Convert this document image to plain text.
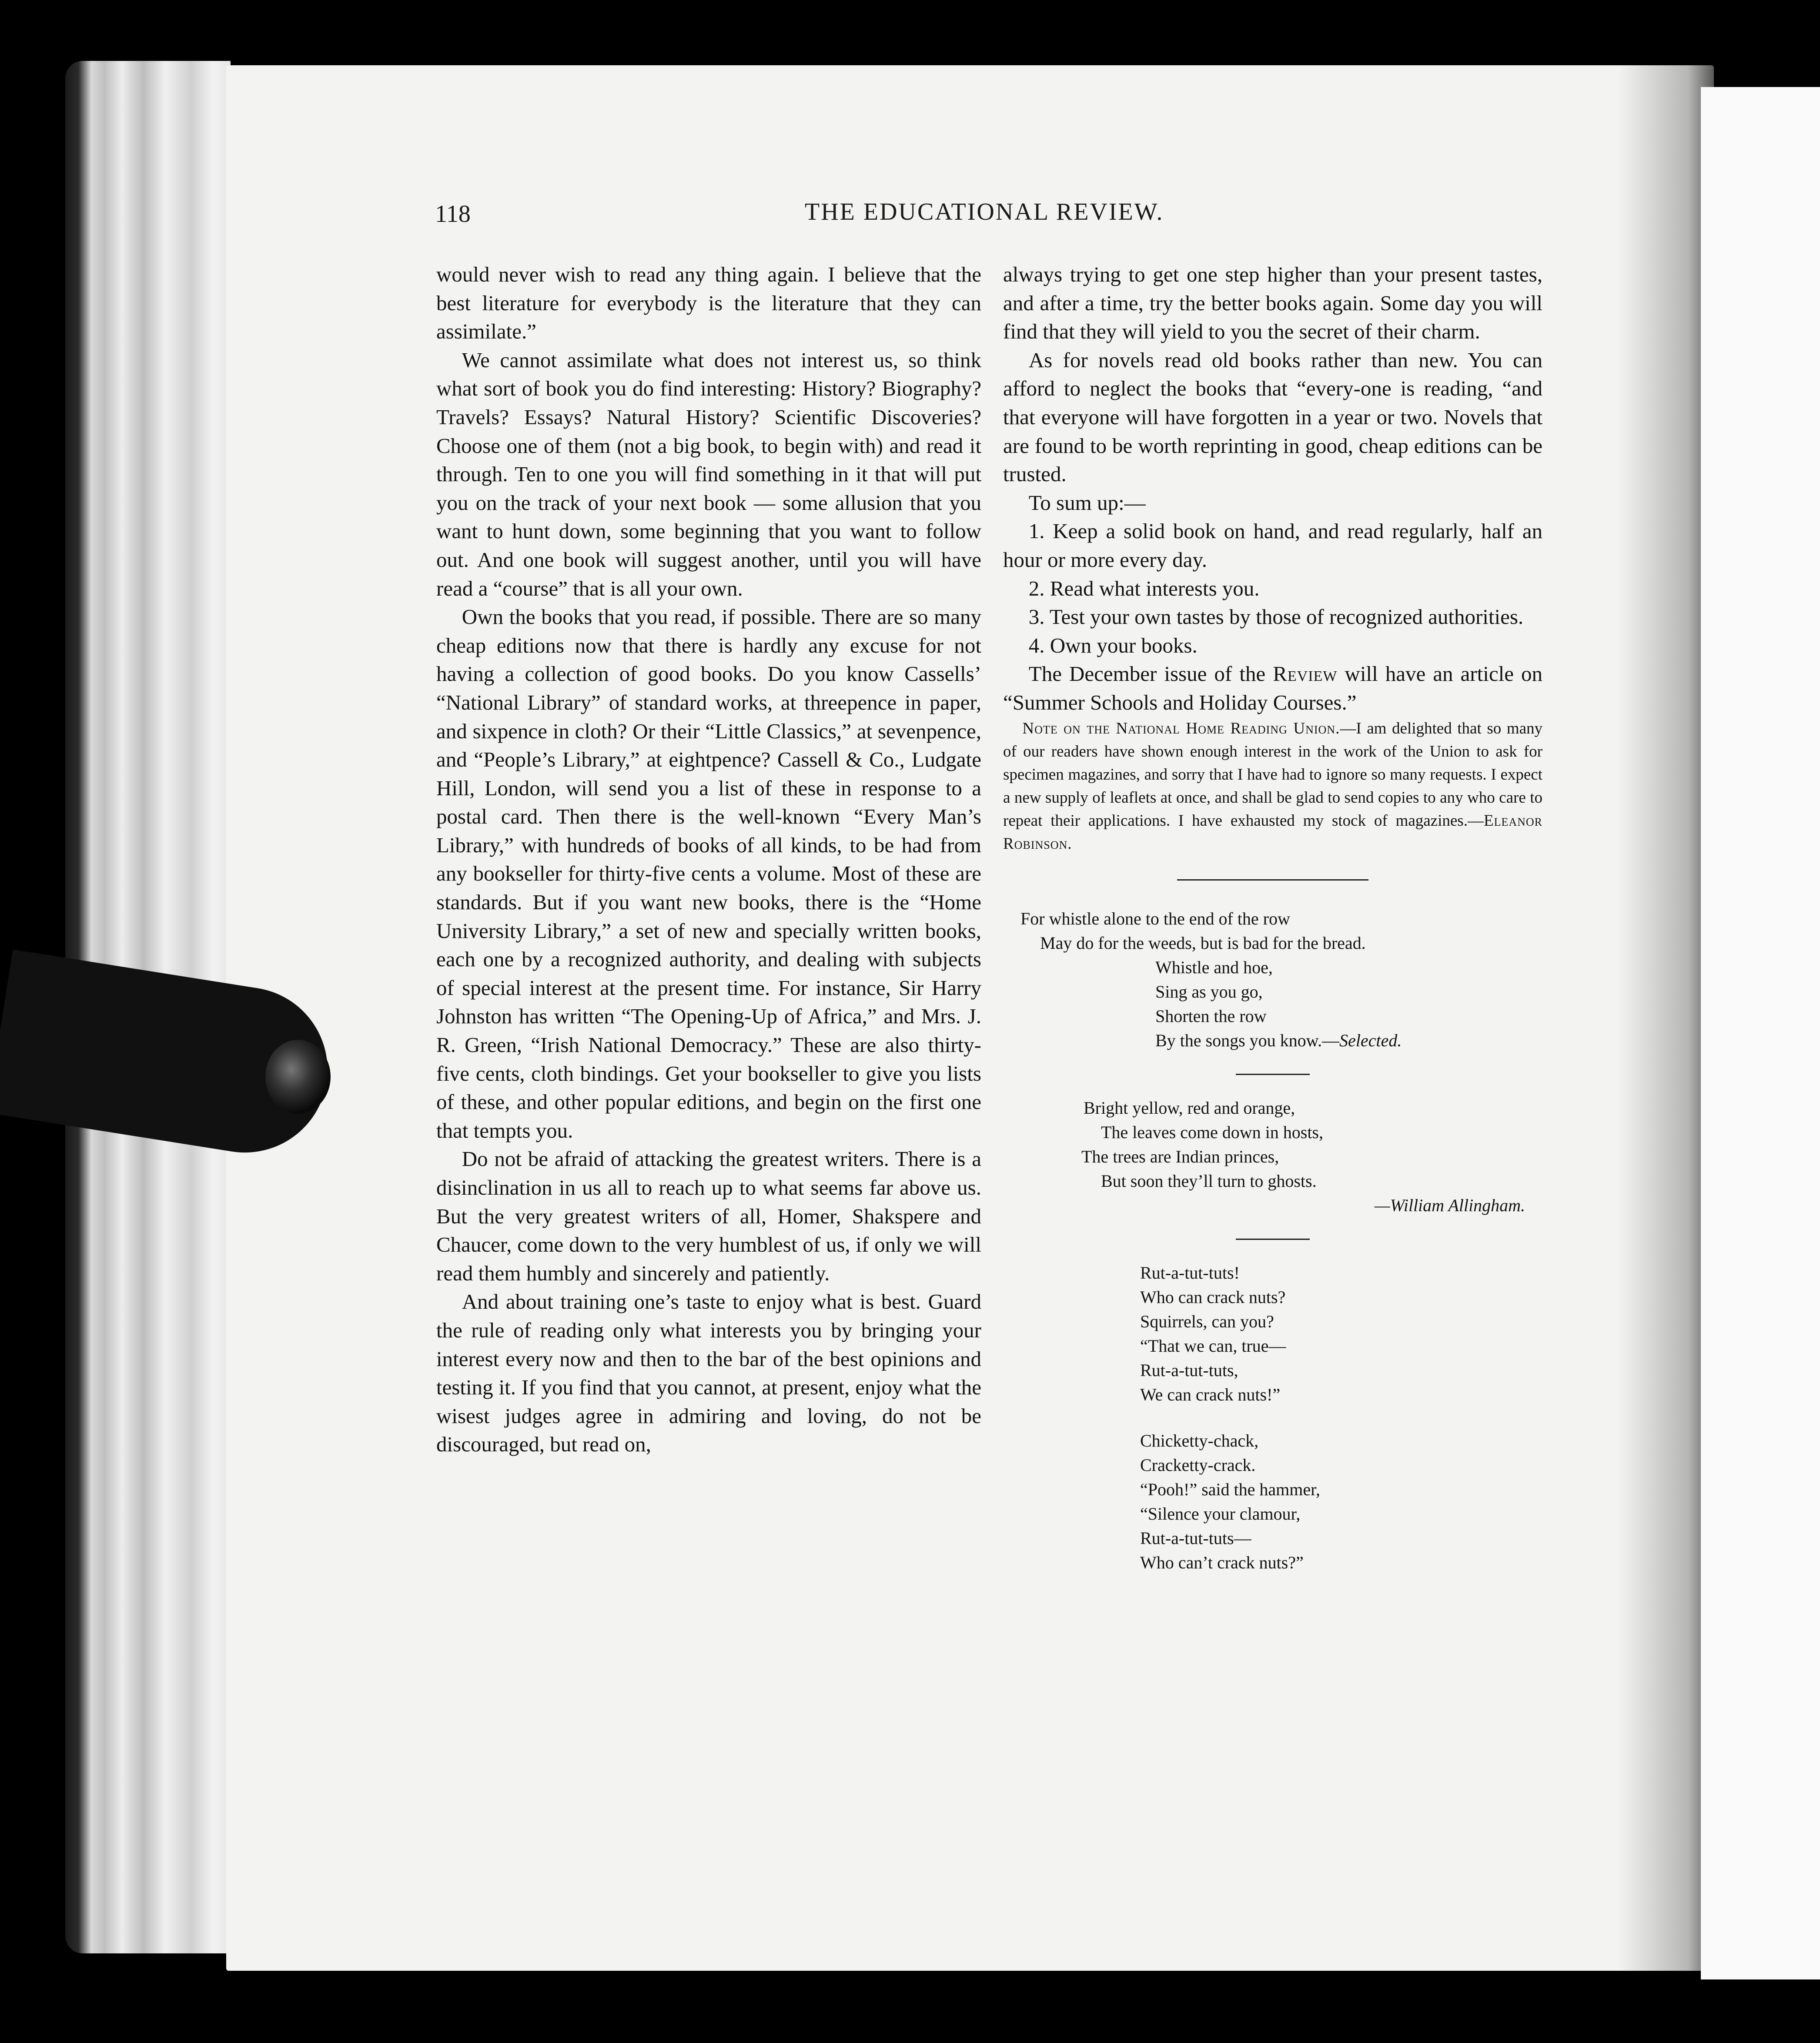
118	THE EDUCATIONAL REVIEW.

would never wish to read any thing again. I believe that the best literature for everybody is the literature that they can assimilate.”

We cannot assimilate what does not interest us, so think what sort of book you do find interesting: History? Biography? Travels? Essays? Natural History? Scientific Discoveries? Choose one of them (not a big book, to begin with) and read it through. Ten to one you will find something in it that will put you on the track of your next book — some allusion that you want to hunt down, some beginning that you want to follow out. And one book will suggest another, until you will have read a “course” that is all your own.

Own the books that you read, if possible. There are so many cheap editions now that there is hardly any excuse for not having a collection of good books. Do you know Cassells’ “National Library” of standard works, at threepence in paper, and sixpence in cloth? Or their “Little Classics,” at sevenpence, and “People’s Library,” at eightpence? Cassell & Co., Ludgate Hill, London, will send you a list of these in response to a postal card. Then there is the well-known “Every Man’s Library,” with hundreds of books of all kinds, to be had from any bookseller for thirty-five cents a volume. Most of these are standards. But if you want new books, there is the “Home University Library,” a set of new and specially written books, each one by a recognized authority, and dealing with subjects of special interest at the present time. For instance, Sir Harry Johnston has written “The Opening-Up of Africa,” and Mrs. J. R. Green, “Irish National Democracy.” These are also thirty-five cents, cloth bindings. Get your bookseller to give you lists of these, and other popular editions, and begin on the first one that tempts you.

Do not be afraid of attacking the greatest writers. There is a disinclination in us all to reach up to what seems far above us. But the very greatest writers of all, Homer, Shakspere and Chaucer, come down to the very humblest of us, if only we will read them humbly and sincerely and patiently.

And about training one’s taste to enjoy what is best. Guard the rule of reading only what interests you by bringing your interest every now and then to the bar of the best opinions and testing it. If you find that you cannot, at present, enjoy what the wisest judges agree in admiring and loving, do not be discouraged, but read on,

always trying to get one step higher than your present tastes, and after a time, try the better books again. Some day you will find that they will yield to you the secret of their charm.

As for novels read old books rather than new. You can afford to neglect the books that “every-one is reading, “and that everyone will have forgotten in a year or two. Novels that are found to be worth reprinting in good, cheap editions can be trusted.

To sum up:—

1. Keep a solid book on hand, and read regularly, half an hour or more every day.

2. Read what interests you.

3. Test your own tastes by those of recognized authorities.

4. Own your books.

The December issue of the Review will have an article on “Summer Schools and Holiday Courses.”

Note on the National Home Reading Union.—I am delighted that so many of our readers have shown enough interest in the work of the Union to ask for specimen magazines, and sorry that I have had to ignore so many requests. I expect a new supply of leaflets at once, and shall be glad to send copies to any who care to repeat their applications. I have exhausted my stock of magazines.—Eleanor Robinson.

For whistle alone to the end of the row
May do for the weeds, but is bad for the bread.
Whistle and hoe,
Sing as you go,
Shorten the row
By the songs you know.—Selected.
Bright yellow, red and orange,
The leaves come down in hosts,
The trees are Indian princes,
But soon they’ll turn to ghosts.
—William Allingham.
Rut-a-tut-tuts!
Who can crack nuts?
Squirrels, can you?
“That we can, true—
Rut-a-tut-tuts,
We can crack nuts!”
Chicketty-chack,
Cracketty-crack.
“Pooh!” said the hammer,
“Silence your clamour,
Rut-a-tut-tuts—
Who can’t crack nuts?”
